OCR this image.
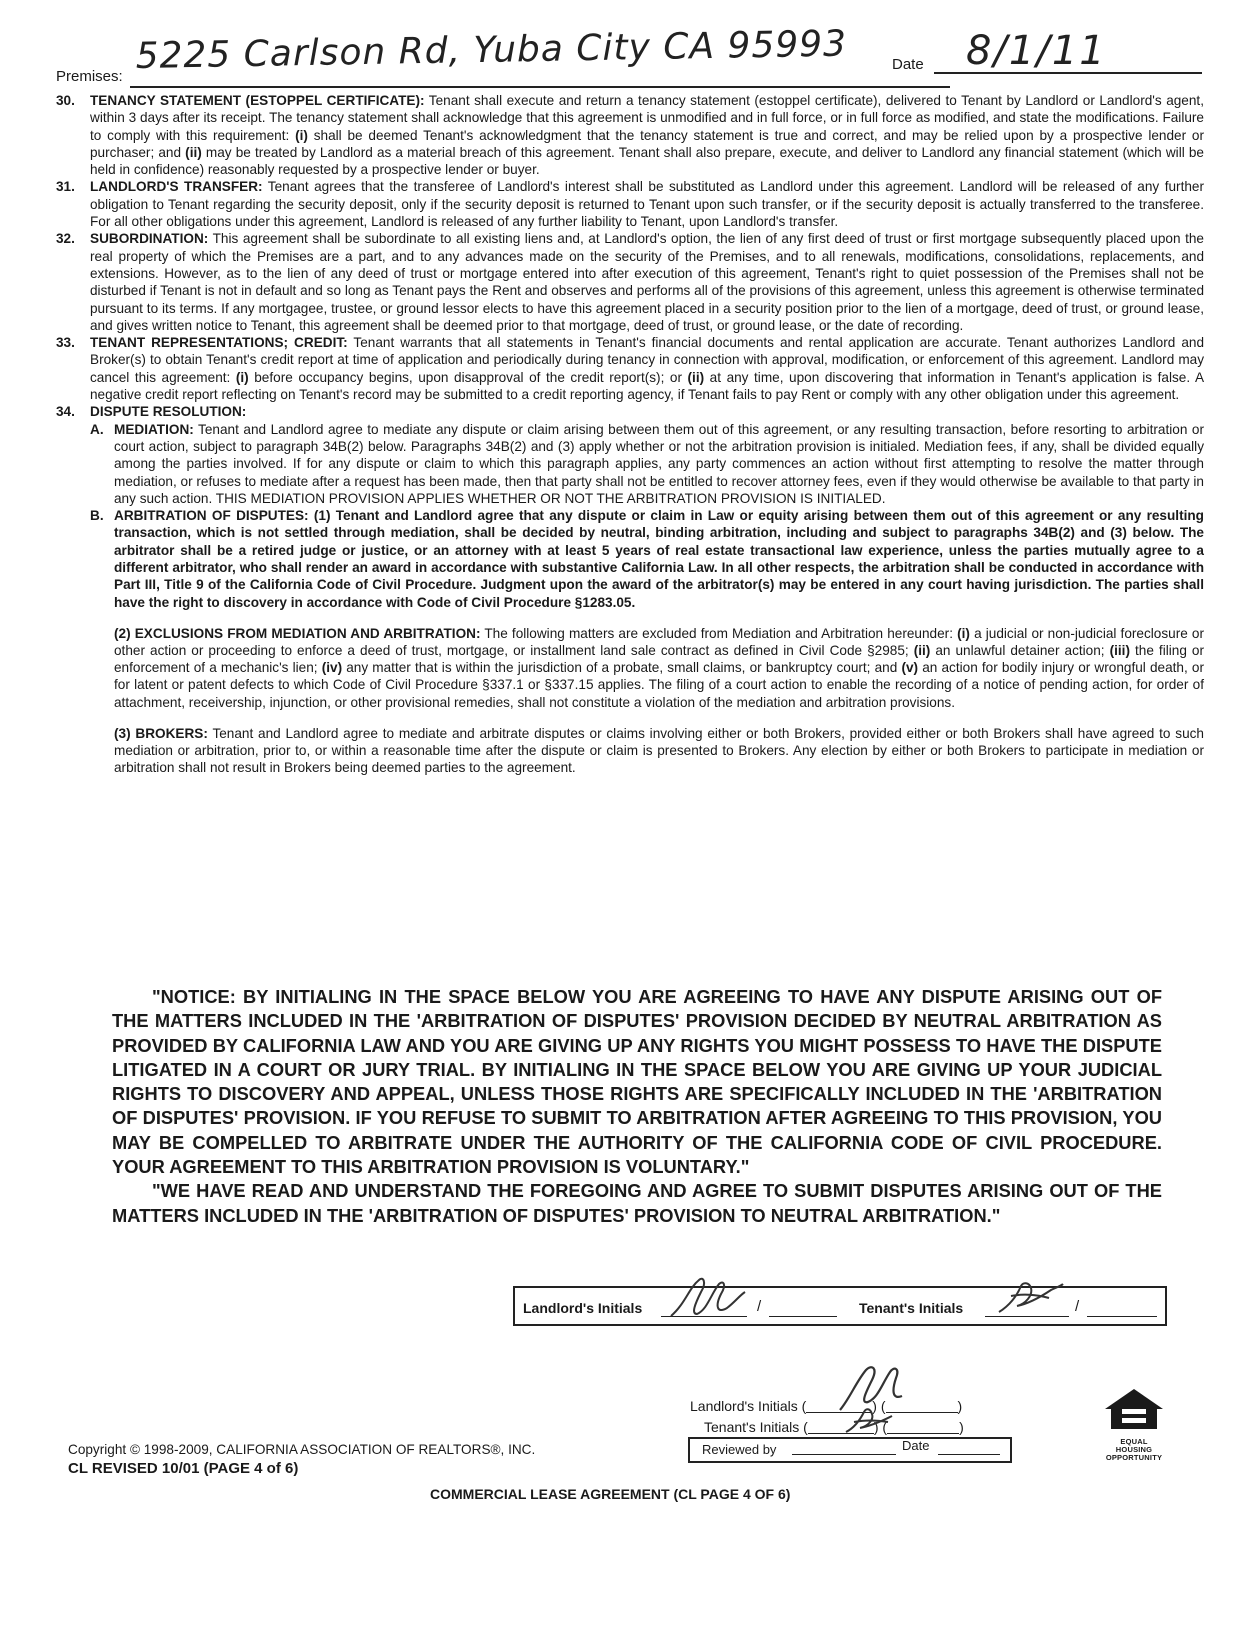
Premises: 5225 Carlson Rd, Yuba City CA 95993	Date 8/1/11

30. TENANCY STATEMENT (ESTOPPEL CERTIFICATE): Tenant shall execute and return a tenancy statement (estoppel certificate), delivered to Tenant by Landlord or Landlord's agent, within 3 days after its receipt. The tenancy statement shall acknowledge that this agreement is unmodified and in full force, or in full force as modified, and state the modifications. Failure to comply with this requirement: (i) shall be deemed Tenant's acknowledgment that the tenancy statement is true and correct, and may be relied upon by a prospective lender or purchaser; and (ii) may be treated by Landlord as a material breach of this agreement. Tenant shall also prepare, execute, and deliver to Landlord any financial statement (which will be held in confidence) reasonably requested by a prospective lender or buyer.

31. LANDLORD'S TRANSFER: Tenant agrees that the transferee of Landlord's interest shall be substituted as Landlord under this agreement. Landlord will be released of any further obligation to Tenant regarding the security deposit, only if the security deposit is returned to Tenant upon such transfer, or if the security deposit is actually transferred to the transferee. For all other obligations under this agreement, Landlord is released of any further liability to Tenant, upon Landlord's transfer.

32. SUBORDINATION: This agreement shall be subordinate to all existing liens and, at Landlord's option, the lien of any first deed of trust or first mortgage subsequently placed upon the real property of which the Premises are a part, and to any advances made on the security of the Premises, and to all renewals, modifications, consolidations, replacements, and extensions. However, as to the lien of any deed of trust or mortgage entered into after execution of this agreement, Tenant's right to quiet possession of the Premises shall not be disturbed if Tenant is not in default and so long as Tenant pays the Rent and observes and performs all of the provisions of this agreement, unless this agreement is otherwise terminated pursuant to its terms. If any mortgagee, trustee, or ground lessor elects to have this agreement placed in a security position prior to the lien of a mortgage, deed of trust, or ground lease, and gives written notice to Tenant, this agreement shall be deemed prior to that mortgage, deed of trust, or ground lease, or the date of recording.

33. TENANT REPRESENTATIONS; CREDIT: Tenant warrants that all statements in Tenant's financial documents and rental application are accurate. Tenant authorizes Landlord and Broker(s) to obtain Tenant's credit report at time of application and periodically during tenancy in connection with approval, modification, or enforcement of this agreement. Landlord may cancel this agreement: (i) before occupancy begins, upon disapproval of the credit report(s); or (ii) at any time, upon discovering that information in Tenant's application is false. A negative credit report reflecting on Tenant's record may be submitted to a credit reporting agency, if Tenant fails to pay Rent or comply with any other obligation under this agreement.

34. DISPUTE RESOLUTION:

A. MEDIATION: Tenant and Landlord agree to mediate any dispute or claim arising between them out of this agreement, or any resulting transaction, before resorting to arbitration or court action, subject to paragraph 34B(2) below. Paragraphs 34B(2) and (3) apply whether or not the arbitration provision is initialed. Mediation fees, if any, shall be divided equally among the parties involved. If for any dispute or claim to which this paragraph applies, any party commences an action without first attempting to resolve the matter through mediation, or refuses to mediate after a request has been made, then that party shall not be entitled to recover attorney fees, even if they would otherwise be available to that party in any such action. THIS MEDIATION PROVISION APPLIES WHETHER OR NOT THE ARBITRATION PROVISION IS INITIALED.

B. ARBITRATION OF DISPUTES: (1) Tenant and Landlord agree that any dispute or claim in Law or equity arising between them out of this agreement or any resulting transaction, which is not settled through mediation, shall be decided by neutral, binding arbitration, including and subject to paragraphs 34B(2) and (3) below. The arbitrator shall be a retired judge or justice, or an attorney with at least 5 years of real estate transactional law experience, unless the parties mutually agree to a different arbitrator, who shall render an award in accordance with substantive California Law. In all other respects, the arbitration shall be conducted in accordance with Part III, Title 9 of the California Code of Civil Procedure. Judgment upon the award of the arbitrator(s) may be entered in any court having jurisdiction. The parties shall have the right to discovery in accordance with Code of Civil Procedure §1283.05.

(2) EXCLUSIONS FROM MEDIATION AND ARBITRATION: The following matters are excluded from Mediation and Arbitration hereunder: (i) a judicial or non-judicial foreclosure or other action or proceeding to enforce a deed of trust, mortgage, or installment land sale contract as defined in Civil Code §2985; (ii) an unlawful detainer action; (iii) the filing or enforcement of a mechanic's lien; (iv) any matter that is within the jurisdiction of a probate, small claims, or bankruptcy court; and (v) an action for bodily injury or wrongful death, or for latent or patent defects to which Code of Civil Procedure §337.1 or §337.15 applies. The filing of a court action to enable the recording of a notice of pending action, for order of attachment, receivership, injunction, or other provisional remedies, shall not constitute a violation of the mediation and arbitration provisions.

(3) BROKERS: Tenant and Landlord agree to mediate and arbitrate disputes or claims involving either or both Brokers, provided either or both Brokers shall have agreed to such mediation or arbitration, prior to, or within a reasonable time after the dispute or claim is presented to Brokers. Any election by either or both Brokers to participate in mediation or arbitration shall not result in Brokers being deemed parties to the agreement.

"NOTICE: BY INITIALING IN THE SPACE BELOW YOU ARE AGREEING TO HAVE ANY DISPUTE ARISING OUT OF THE MATTERS INCLUDED IN THE 'ARBITRATION OF DISPUTES' PROVISION DECIDED BY NEUTRAL ARBITRATION AS PROVIDED BY CALIFORNIA LAW AND YOU ARE GIVING UP ANY RIGHTS YOU MIGHT POSSESS TO HAVE THE DISPUTE LITIGATED IN A COURT OR JURY TRIAL. BY INITIALING IN THE SPACE BELOW YOU ARE GIVING UP YOUR JUDICIAL RIGHTS TO DISCOVERY AND APPEAL, UNLESS THOSE RIGHTS ARE SPECIFICALLY INCLUDED IN THE 'ARBITRATION OF DISPUTES' PROVISION. IF YOU REFUSE TO SUBMIT TO ARBITRATION AFTER AGREEING TO THIS PROVISION, YOU MAY BE COMPELLED TO ARBITRATE UNDER THE AUTHORITY OF THE CALIFORNIA CODE OF CIVIL PROCEDURE. YOUR AGREEMENT TO THIS ARBITRATION PROVISION IS VOLUNTARY."

"WE HAVE READ AND UNDERSTAND THE FOREGOING AND AGREE TO SUBMIT DISPUTES ARISING OUT OF THE MATTERS INCLUDED IN THE 'ARBITRATION OF DISPUTES' PROVISION TO NEUTRAL ARBITRATION."

Landlord's Initials	/	Tenant's Initials	/
Landlord's Initials (	) (	)
Tenant's Initials (	) (	)
Reviewed by	Date
Copyright © 1998-2009, CALIFORNIA ASSOCIATION OF REALTORS®, INC.
CL REVISED 10/01 (PAGE 4 of 6)
COMMERCIAL LEASE AGREEMENT (CL PAGE 4 OF 6)
EQUAL HOUSING OPPORTUNITY
